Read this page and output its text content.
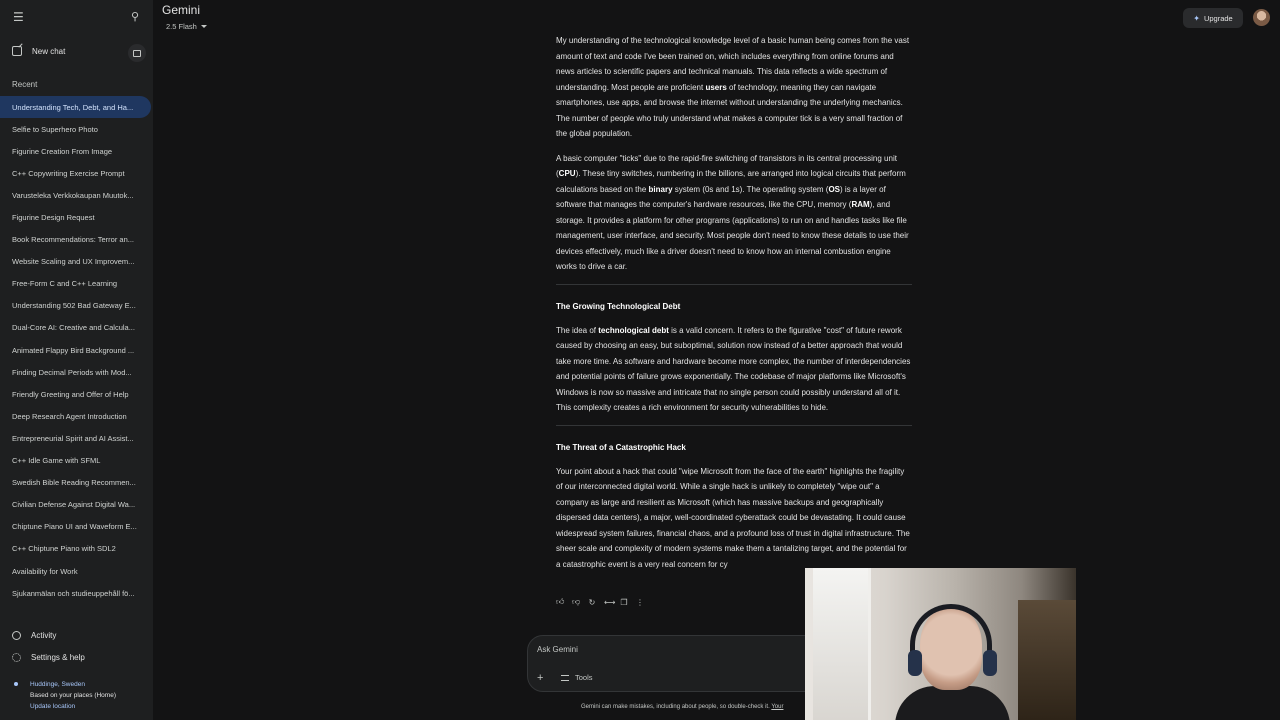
☰	⚲
New chat
Recent
Understanding Tech, Debt, and Ha...
Selfie to Superhero Photo
Figurine Creation From Image
C++ Copywriting Exercise Prompt
Varusteleka Verkkokaupan Muutok...
Figurine Design Request
Book Recommendations: Terror an...
Website Scaling and UX Improvem...
Free-Form C and C++ Learning
Understanding 502 Bad Gateway E...
Dual-Core AI: Creative and Calcula...
Animated Flappy Bird Background ...
Finding Decimal Periods with Mod...
Friendly Greeting and Offer of Help
Deep Research Agent Introduction
Entrepreneurial Spirit and AI Assist...
C++ Idle Game with SFML
Swedish Bible Reading Recommen...
Civilian Defense Against Digital Wa...
Chiptune Piano UI and Waveform E...
C++ Chiptune Piano with SDL2
Availability for Work
Sjukanmälan och studieuppehåll fö...
Activity
Settings & help
Huddinge, Sweden
Based on your places (Home)
Update location
Gemini
2.5 Flash
✦ Upgrade

My understanding of the technological knowledge level of a basic human being comes from the vast amount of text and code I've been trained on, which includes everything from online forums and news articles to scientific papers and technical manuals. This data reflects a wide spectrum of understanding. Most people are proficient users of technology, meaning they can navigate smartphones, use apps, and browse the internet without understanding the underlying mechanics. The number of people who truly understand what makes a computer tick is a very small fraction of the global population.

A basic computer "ticks" due to the rapid-fire switching of transistors in its central processing unit (CPU). These tiny switches, numbering in the billions, are arranged into logical circuits that perform calculations based on the binary system (0s and 1s). The operating system (OS) is a layer of software that manages the computer's hardware resources, like the CPU, memory (RAM), and storage. It provides a platform for other programs (applications) to run on and handles tasks like file management, user interface, and security. Most people don't need to know these details to use their devices effectively, much like a driver doesn't need to know how an internal combustion engine works to drive a car.

The Growing Technological Debt

The idea of technological debt is a valid concern. It refers to the figurative "cost" of future rework caused by choosing an easy, but suboptimal, solution now instead of a better approach that would take more time. As software and hardware become more complex, the number of interdependencies and potential points of failure grows exponentially. The codebase of major platforms like Microsoft's Windows is now so massive and intricate that no single person could possibly understand all of it. This complexity creates a rich environment for security vulnerabilities to hide.

The Threat of a Catastrophic Hack

Your point about a hack that could "wipe Microsoft from the face of the earth" highlights the fragility of our interconnected digital world. While a single hack is unlikely to completely "wipe out" a company as large and resilient as Microsoft (which has massive backups and geographically dispersed data centers), a major, well-coordinated cyberattack could be devastating. It could cause widespread system failures, financial chaos, and a profound loss of trust in digital infrastructure. The sheer scale and complexity of modern systems make them a tantalizing target, and the potential for a catastrophic event is a very real concern for cy

👍︎ 👎︎ ↻ ⟷ ❐ ⋮
Ask Gemini
+	Tools
Gemini can make mistakes, including about people, so double-check it. Your
